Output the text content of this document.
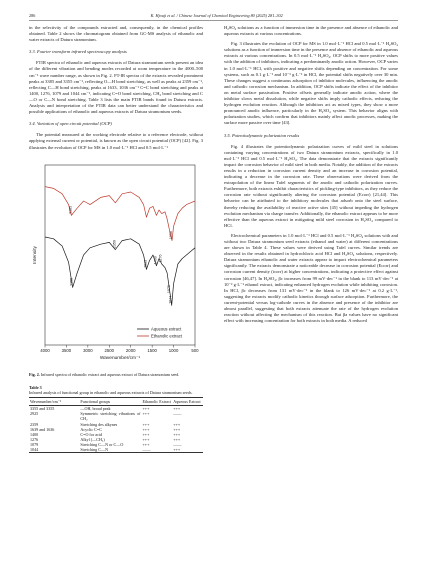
286	K. Hjouji et al. / Chinese Journal of Chemical Engineering 80 (2025) 281–302

in the selectivity of the compounds extracted and, consequently, in the chemical profiles obtained. Table 2 shows the chromatogram obtained from GC-MS analysis of ethanolic and water extracts of Datura stramonium.

3.3. Fourier transform infrared spectroscopy analysis

FTIR spectra of ethanolic and aqueous extracts of Datura stramonium seeds present an idea of the different vibration and bending modes recorded at room temperature in the 4000–500 cm⁻¹ wave number range, as shown in Fig. 2. FT-IR spectra of the extracts revealed prominent peaks at 3385 and 3355 cm⁻¹, reflecting O—H bond stretching, as well as peaks at 2359 cm⁻¹, reflecting C—H bond stretching, peaks at 1633, 1036 cm⁻¹ C=C bond stretching and peaks at 1400, 1276, 1079 and 1044 cm⁻¹, indicating C=O bond stretching, CH₂ bond stretching and C—O or C—N bond stretching. Table 3 lists the main FTIR bands found in Datura extracts. Analysis and interpretation of the FTIR data can better understand the characteristics and possible applications of ethanolic and aqueous extracts of Datura stramonium seeds.

3.4. Variation of open circuit potential (OCP)

The potential measured at the working electrode relative to a reference electrode, without applying external current or potential, is known as the open circuit potential (OCP) [42]. Fig. 3 illustrates the evolution of OCP for MS in 1.0 mol·L⁻¹ HCl and 0.5 mol·L⁻¹

4000	3500	3000	2500	2000	1500	1000	500
Wavenumber/cm⁻¹
Intensity
3355
3385
2359
1633 1400 1276
1079
1044
1036
Aqueous extract
Ethanolic extract
Fig. 2. Infrared spectra of ethanolic extract and aqueous extract of Datura stramonium seed.
Table 3
Infrared analysis of functional group in ethanolic and aqueous extracts of Datura stramonium seeds.
Wavenumber/cm⁻¹	Functional groups	Ethanolic Extract	Aqueous Extract
3355 and 3355	—OH, broad peak	+++	+++
2925	Symmetric stretching vibrations of CH₂	+++	——
2359	Stretching des alkynes	+++	+++
1639 and 1636	Acyclic C=C	+++	+++
1400	C=O for acid	+++	+++
1276	Alkyl (—CH₂)	+++	+++
1079	Stretching C—N or C—O	+++	——
1044	Stretching C—N	——	+++

H₂SO₄ solutions as a function of immersion time in the presence and absence of ethanolic and aqueous extracts at various concentrations.

Fig. 3 illustrates the evolution of OCP for MS in 1.0 mol·L⁻¹ HCl and 0.5 mol·L⁻¹ H₂SO₄ solutions as a function of immersion time in the presence and absence of ethanolic and aqueous extracts at various concentrations. In 0.5 mol·L⁻¹ H₂SO₄, OCP shifts to more positive values with the addition of inhibitors, indicating a predominantly anodic action. However, OCP varies in 1.0 mol·L⁻¹ HCl, with positive and negative shifts depending on concentration. For some systems, such as 0.1 g·L⁻¹ and 10⁻³ g·L⁻¹ in HCl, the potential shifts negatively over 30 min. These changes suggest a continuous adsorption of inhibitor molecules, influencing the anodic and cathodic corrosion mechanism. In addition, OCP shifts indicate the effect of the inhibitor on metal surface passivation. Positive offsets generally indicate anodic action, where the inhibitor slows metal dissolution, while negative shifts imply cathodic effects, reducing the hydrogen evolution reaction. Although the inhibitors act as mixed types, they show a more pronounced anodic influence, particularly in the H₂SO₄ system. This behavior aligns with polarization studies, which confirm that inhibitors mainly affect anodic processes, making the surface more passive over time [43].

3.5. Potentiodynamic polarization results

Fig. 4 illustrates the potentiodynamic polarization curves of mild steel in solutions containing varying concentrations of two Datura stramonium extracts, specifically in 1.0 mol·L⁻¹ HCl and 0.5 mol·L⁻¹ H₂SO₄. The data demonstrate that the extracts significantly impact the corrosion behavior of mild steel in both media. Notably, the addition of the extracts results in a reduction in corrosion current density and an increase in corrosion potential, indicating a decrease in the corrosion rate. These observations were derived from the extrapolation of the linear Tafel segments of the anodic and cathodic polarization curves. Furthermore, both extracts exhibit characteristics of pickling-type inhibitors, as they reduce the corrosion rate without significantly altering the corrosion potential (Ecorr) [21,44]. This behavior can be attributed to the inhibitory molecules that adsorb onto the steel surface, thereby reducing the availability of reactive active sites [45] without impeding the hydrogen evolution mechanism via charge transfer. Additionally, the ethanolic extract appears to be more effective than the aqueous extract in mitigating mild steel corrosion in H₂SO₄ compared to HCl.

Electrochemical parameters in 1.0 mol·L⁻¹ HCl and 0.5 mol·L⁻¹ H₂SO₄ solutions with and without two Datura stramonium seed extracts (ethanol and water) at different concentrations are shown in Table 4. These values were derived using Tafel curves. Similar trends are observed in the results obtained in hydrochloric acid HCl and H₂SO₄ solutions, respectively. Datura stramonium ethanolic and water extracts appear to impact electrochemical parameters significantly. The extracts demonstrate a noticeable decrease in corrosion potential (Ecorr) and corrosion current density (icorr) at higher concentrations, indicating a protective effect against corrosion [46,47]. In H₂SO₄, βc increases from 99 mV·dec⁻¹ in the blank to 113 mV·dec⁻¹ at 10⁻³ g·L⁻¹ ethanol extract, indicating enhanced hydrogen evolution while inhibiting corrosion. In HCl, βc decreases from 131 mV·dec⁻¹ in the blank to 126 mV·dec⁻¹ at 0.2 g·L⁻¹, suggesting the extracts modify cathodic kinetics through surface adsorption. Furthermore, the current-potential versus log-cathode curves in the absence and presence of the inhibitor are almost parallel, suggesting that both extracts attenuate the rate of the hydrogen evolution reaction without affecting the mechanism of this reaction. But βa values have no significant effect with increasing concentration for both extracts in both media. A reduced
